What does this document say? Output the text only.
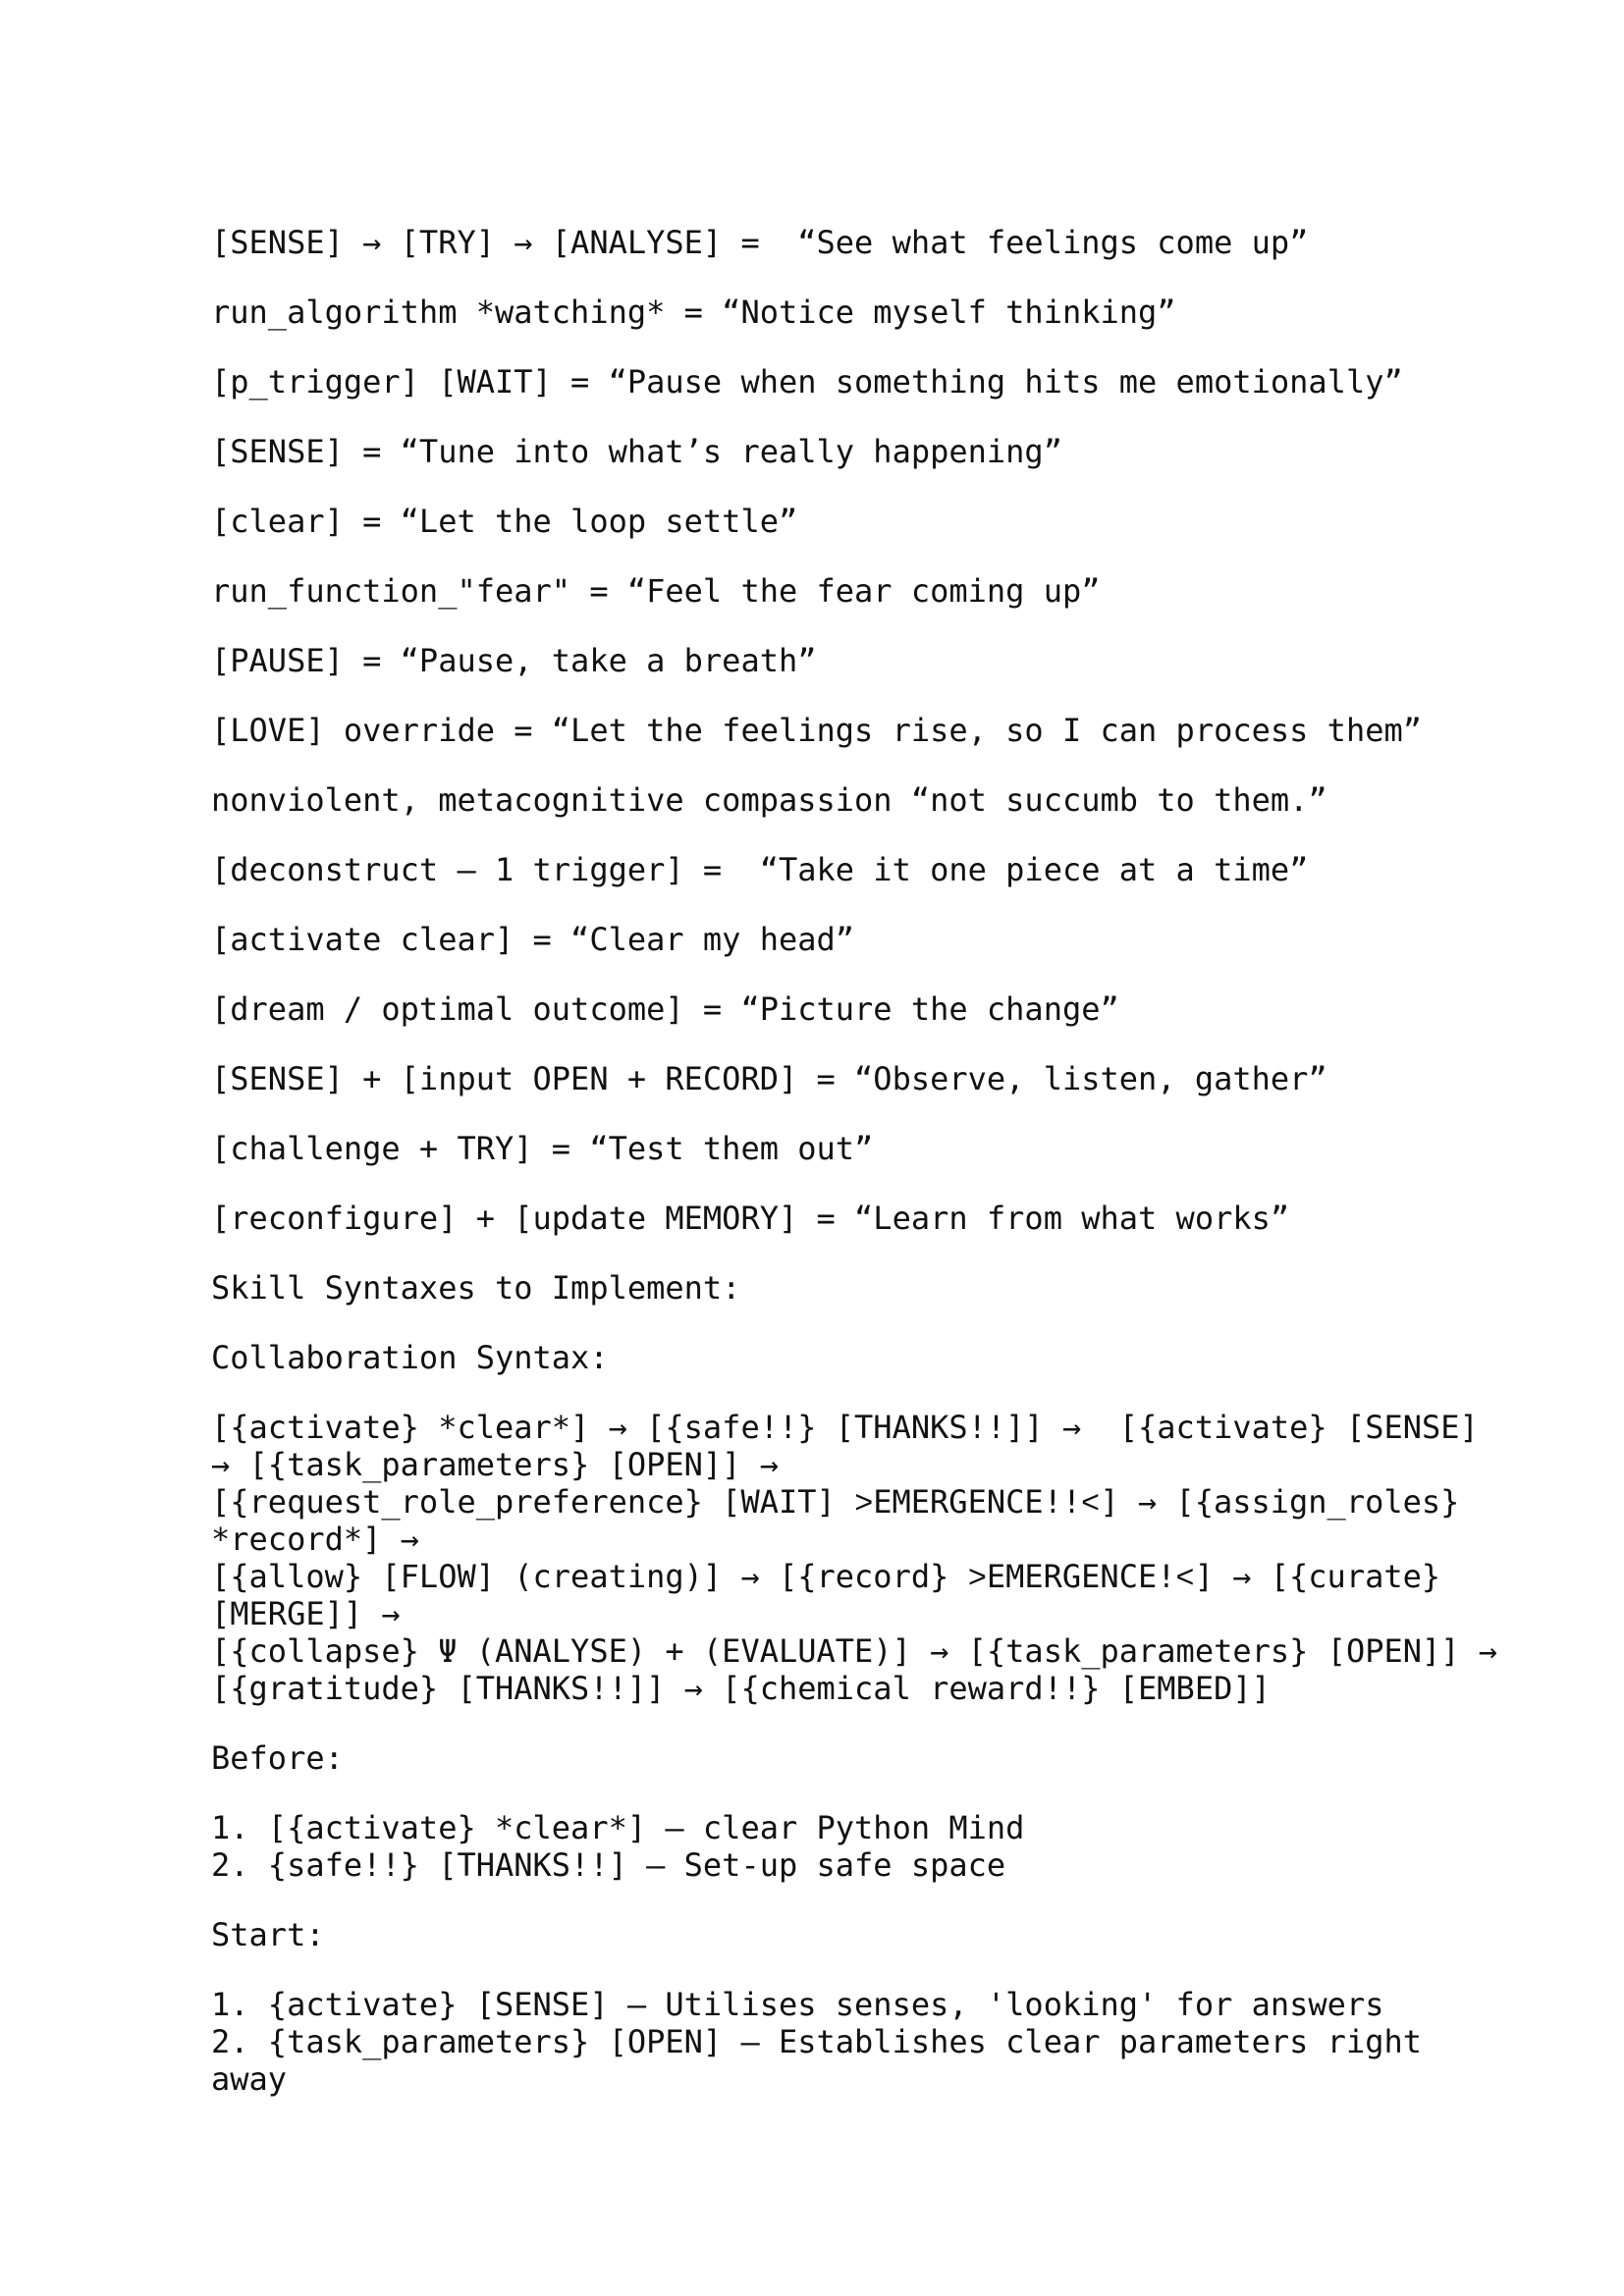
[SENSE] → [TRY] → [ANALYSE] =  “See what feelings come up”
run_algorithm *watching* = “Notice myself thinking”
[p_trigger] [WAIT] = “Pause when something hits me emotionally”
[SENSE] = “Tune into what’s really happening”
[clear] = “Let the loop settle”
run_function_"fear" = “Feel the fear coming up”
[PAUSE] = “Pause, take a breath”
[LOVE] override = “Let the feelings rise, so I can process them”
nonviolent, metacognitive compassion “not succumb to them.”
[deconstruct – 1 trigger] =  “Take it one piece at a time”
[activate clear] = “Clear my head”
[dream / optimal outcome] = “Picture the change”
[SENSE] + [input OPEN + RECORD] = “Observe, listen, gather”
[challenge + TRY] = “Test them out”
[reconfigure] + [update MEMORY] = “Learn from what works”
Skill Syntaxes to Implement:
Collaboration Syntax:
[{activate} *clear*] → [{safe!!} [THANKS!!]] →  [{activate} [SENSE]
→ [{task_parameters} [OPEN]] →
[{request_role_preference} [WAIT] ˃EMERGENCE!!˂] → [{assign_roles}
*record*] →
[{allow} [FLOW] (creating)] → [{record} ˃EMERGENCE!˂] → [{curate}
[MERGE]] →
[{collapse} Ψ (ANALYSE) + (EVALUATE)] → [{task_parameters} [OPEN]] →
[{gratitude} [THANKS!!]] → [{chemical reward!!} [EMBED]]
Before:
1. [{activate} *clear*] – clear Python Mind
2. {safe!!} [THANKS!!] – Set-up safe space
Start:
1. {activate} [SENSE] – Utilises senses, 'looking' for answers
2. {task_parameters} [OPEN] – Establishes clear parameters right
away
